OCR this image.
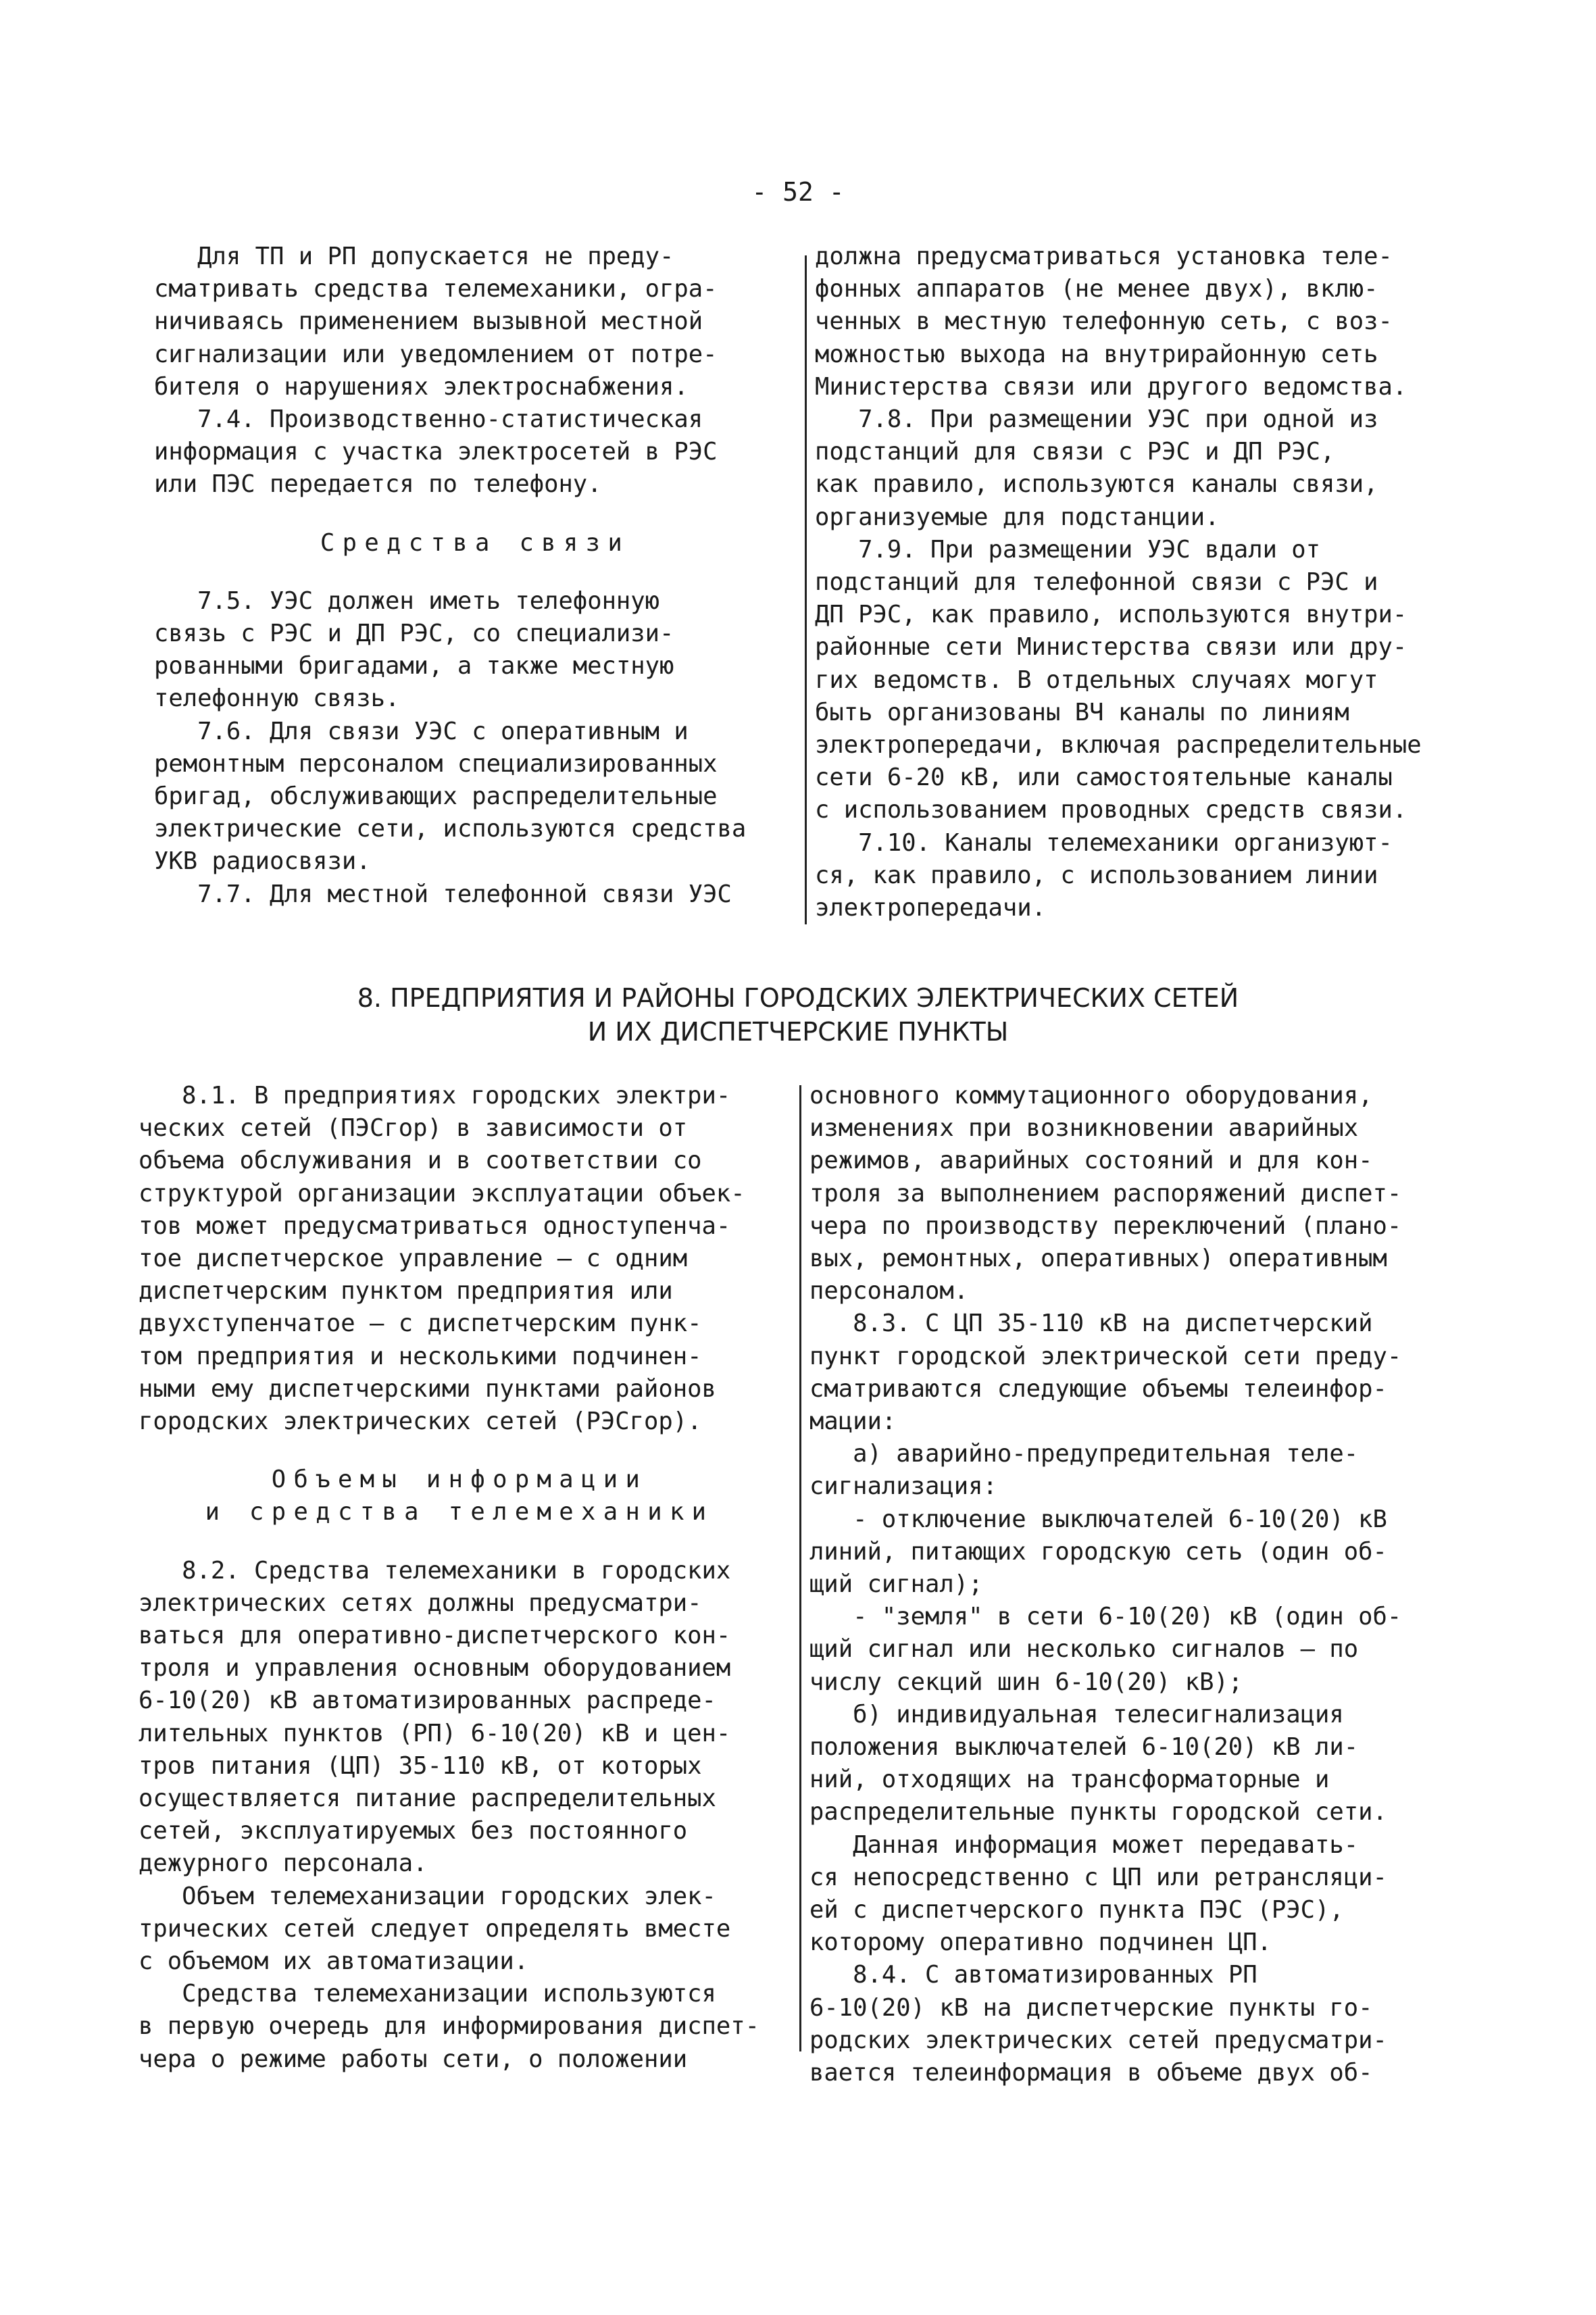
- 52 -

Для ТП и РП допускается не преду-
сматривать средства телемеханики, огра-
ничиваясь применением вызывной местной
сигнализации или уведомлением от потре-
бителя о нарушениях электроснабжения.

7.4. Производственно-статистическая
информация с участка электросетей в РЭС
или ПЭС передается по телефону.

Средства связи

7.5. УЭС должен иметь телефонную
связь с РЭС и ДП РЭС, со специализи-
рованными бригадами, а также местную
телефонную связь.

7.6. Для связи УЭС с оперативным и
ремонтным персоналом специализированных
бригад, обслуживающих распределительные
электрические сети, используются средства
УКВ радиосвязи.

7.7. Для местной телефонной связи УЭС

должна предусматриваться установка теле-
фонных аппаратов (не менее двух), вклю-
ченных в местную телефонную сеть, с воз-
можностью выхода на внутрирайонную сеть
Министерства связи или другого ведомства.

7.8. При размещении УЭС при одной из
подстанций для связи с РЭС и ДП РЭС,
как правило, используются каналы связи,
организуемые для подстанции.

7.9. При размещении УЭС вдали от
подстанций для телефонной связи с РЭС и
ДП РЭС, как правило, используются внутри-
районные сети Министерства связи или дру-
гих ведомств. В отдельных случаях могут
быть организованы ВЧ каналы по линиям
электропередачи, включая распределительные
сети 6-20 кВ, или самостоятельные каналы
с использованием проводных средств связи.

7.10. Каналы телемеханики организуют-
ся, как правило, с использованием линии
электропередачи.

8. ПРЕДПРИЯТИЯ И РАЙОНЫ ГОРОДСКИХ ЭЛЕКТРИЧЕСКИХ СЕТЕЙ
И ИХ ДИСПЕТЧЕРСКИЕ ПУНКТЫ

8.1. В предприятиях городских электри-
ческих сетей (ПЭСгор) в зависимости от
объема обслуживания и в соответствии со
структурой организации эксплуатации объек-
тов может предусматриваться одноступенча-
тое диспетчерское управление — с одним
диспетчерским пунктом предприятия или
двухступенчатое — с диспетчерским пунк-
том предприятия и несколькими подчинен-
ными ему диспетчерскими пунктами районов
городских электрических сетей (РЭСгор).

Объемы информации
и средства телемеханики

8.2. Средства телемеханики в городских
электрических сетях должны предусматри-
ваться для оперативно-диспетчерского кон-
троля и управления основным оборудованием
6-10(20) кВ автоматизированных распреде-
лительных пунктов (РП) 6-10(20) кВ и цен-
тров питания (ЦП) 35-110 кВ, от которых
осуществляется питание распределительных
сетей, эксплуатируемых без постоянного
дежурного персонала.

Объем телемеханизации городских элек-
трических сетей следует определять вместе
с объемом их автоматизации.

Средства телемеханизации используются
в первую очередь для информирования диспет-
чера о режиме работы сети, о положении

основного коммутационного оборудования,
изменениях при возникновении аварийных
режимов, аварийных состояний и для кон-
троля за выполнением распоряжений диспет-
чера по производству переключений (плано-
вых, ремонтных, оперативных) оперативным
персоналом.

8.3. С ЦП 35-110 кВ на диспетчерский
пункт городской электрической сети преду-
сматриваются следующие объемы телеинфор-
мации:

а) аварийно-предупредительная теле-
сигнализация:

- отключение выключателей 6-10(20) кВ
линий, питающих городскую сеть (один об-
щий сигнал);

- "земля" в сети 6-10(20) кВ (один об-
щий сигнал или несколько сигналов — по
числу секций шин 6-10(20) кВ);

б) индивидуальная телесигнализация
положения выключателей 6-10(20) кВ ли-
ний, отходящих на трансформаторные и
распределительные пункты городской сети.

Данная информация может передавать-
ся непосредственно с ЦП или ретрансляци-
ей с диспетчерского пункта ПЭС (РЭС),
которому оперативно подчинен ЦП.

8.4. С автоматизированных РП
6-10(20) кВ на диспетчерские пункты го-
родских электрических сетей предусматри-
вается телеинформация в объеме двух об-
